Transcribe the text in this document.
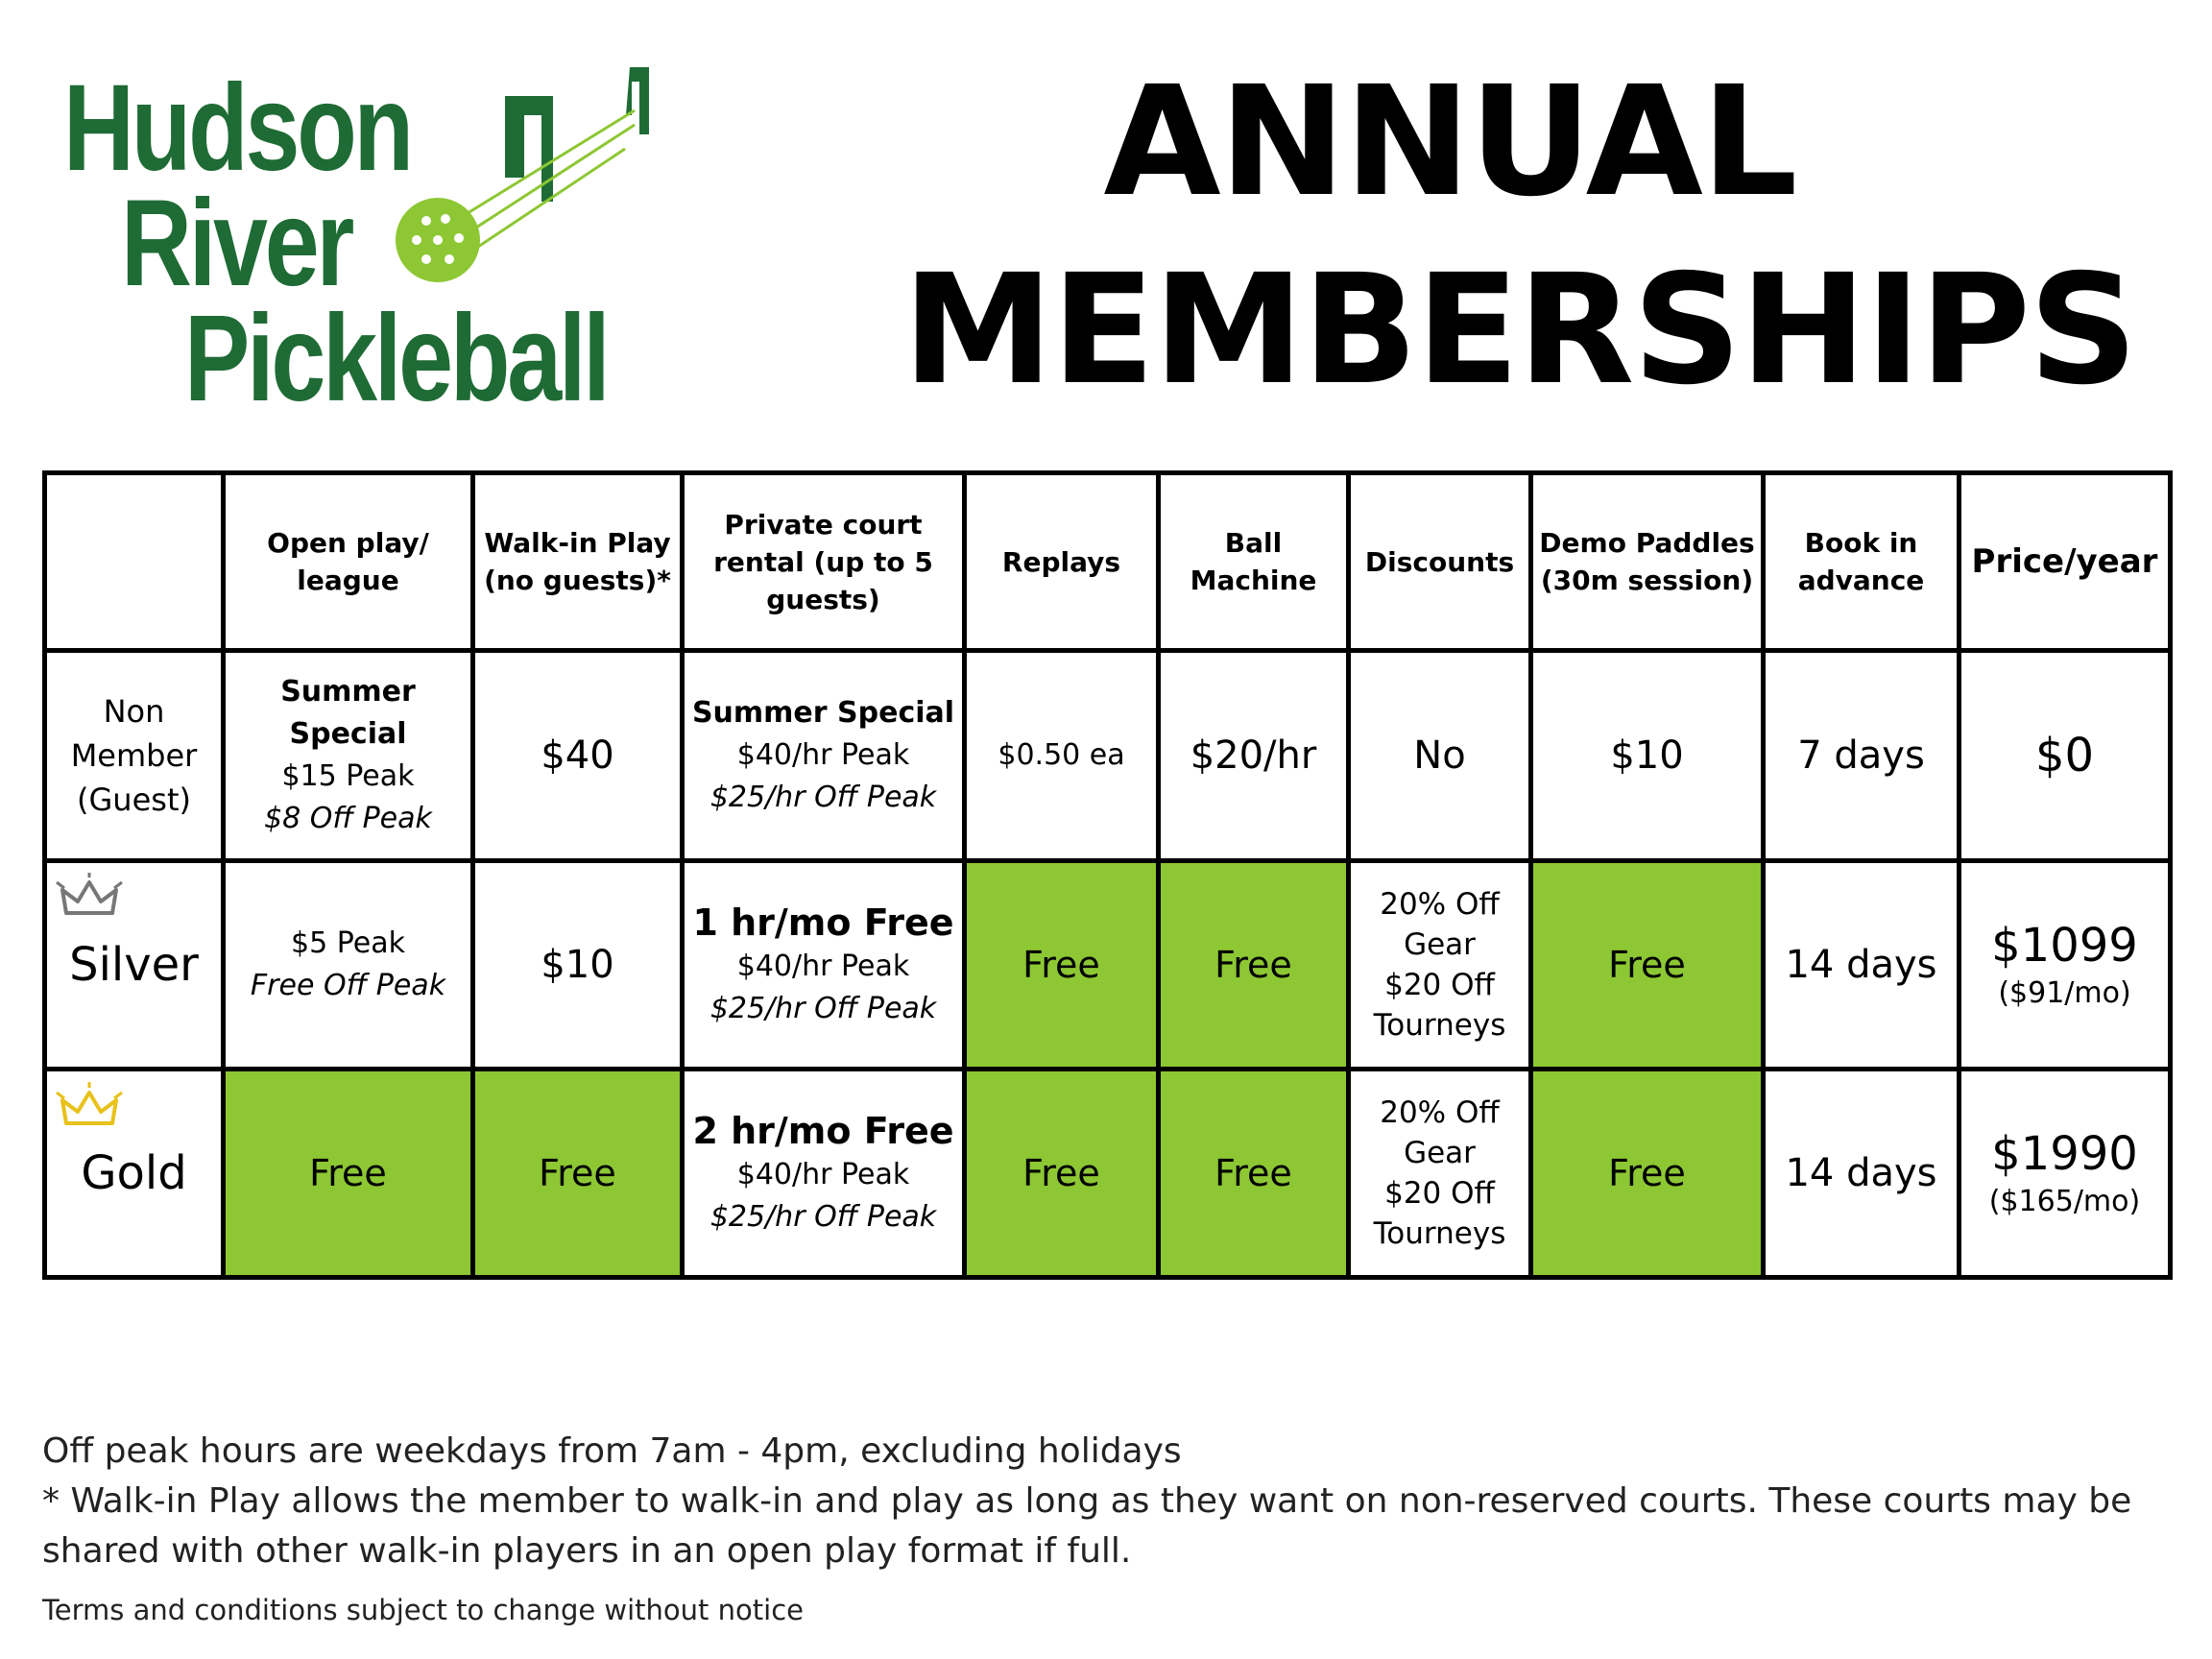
Hudson
River
Pickleball
ANNUAL
MEMBERSHIPS
	Open play/ league	Walk-in Play (no guests)*	Private court rental (up to 5 guests)	Replays	Ball Machine	Discounts	Demo Paddles (30m session)	Book in advance	Price/year

Non
Member
(Guest)	Summer
Special
$15 Peak
$8 Off Peak	$40	Summer Special
$40/hr Peak
$25/hr Off Peak	$0.50 ea	$20/hr	No	$10	7 days	$0

Silver	$5 Peak
Free Off Peak	$10	1 hr/mo Free
$40/hr Peak
$25/hr Off Peak	Free	Free	20% Off
Gear
$20 Off
Tourneys	Free	14 days	$1099
($91/mo)

Gold	Free	Free	2 hr/mo Free
$40/hr Peak
$25/hr Off Peak	Free	Free	20% Off
Gear
$20 Off
Tourneys	Free	14 days	$1990
($165/mo)

Off peak hours are weekdays from 7am - 4pm, excluding holidays

* Walk-in Play allows the member to walk-in and play as long as they want on non-reserved courts. These courts may be shared with other walk-in players in an open play format if full.

Terms and conditions subject to change without notice
